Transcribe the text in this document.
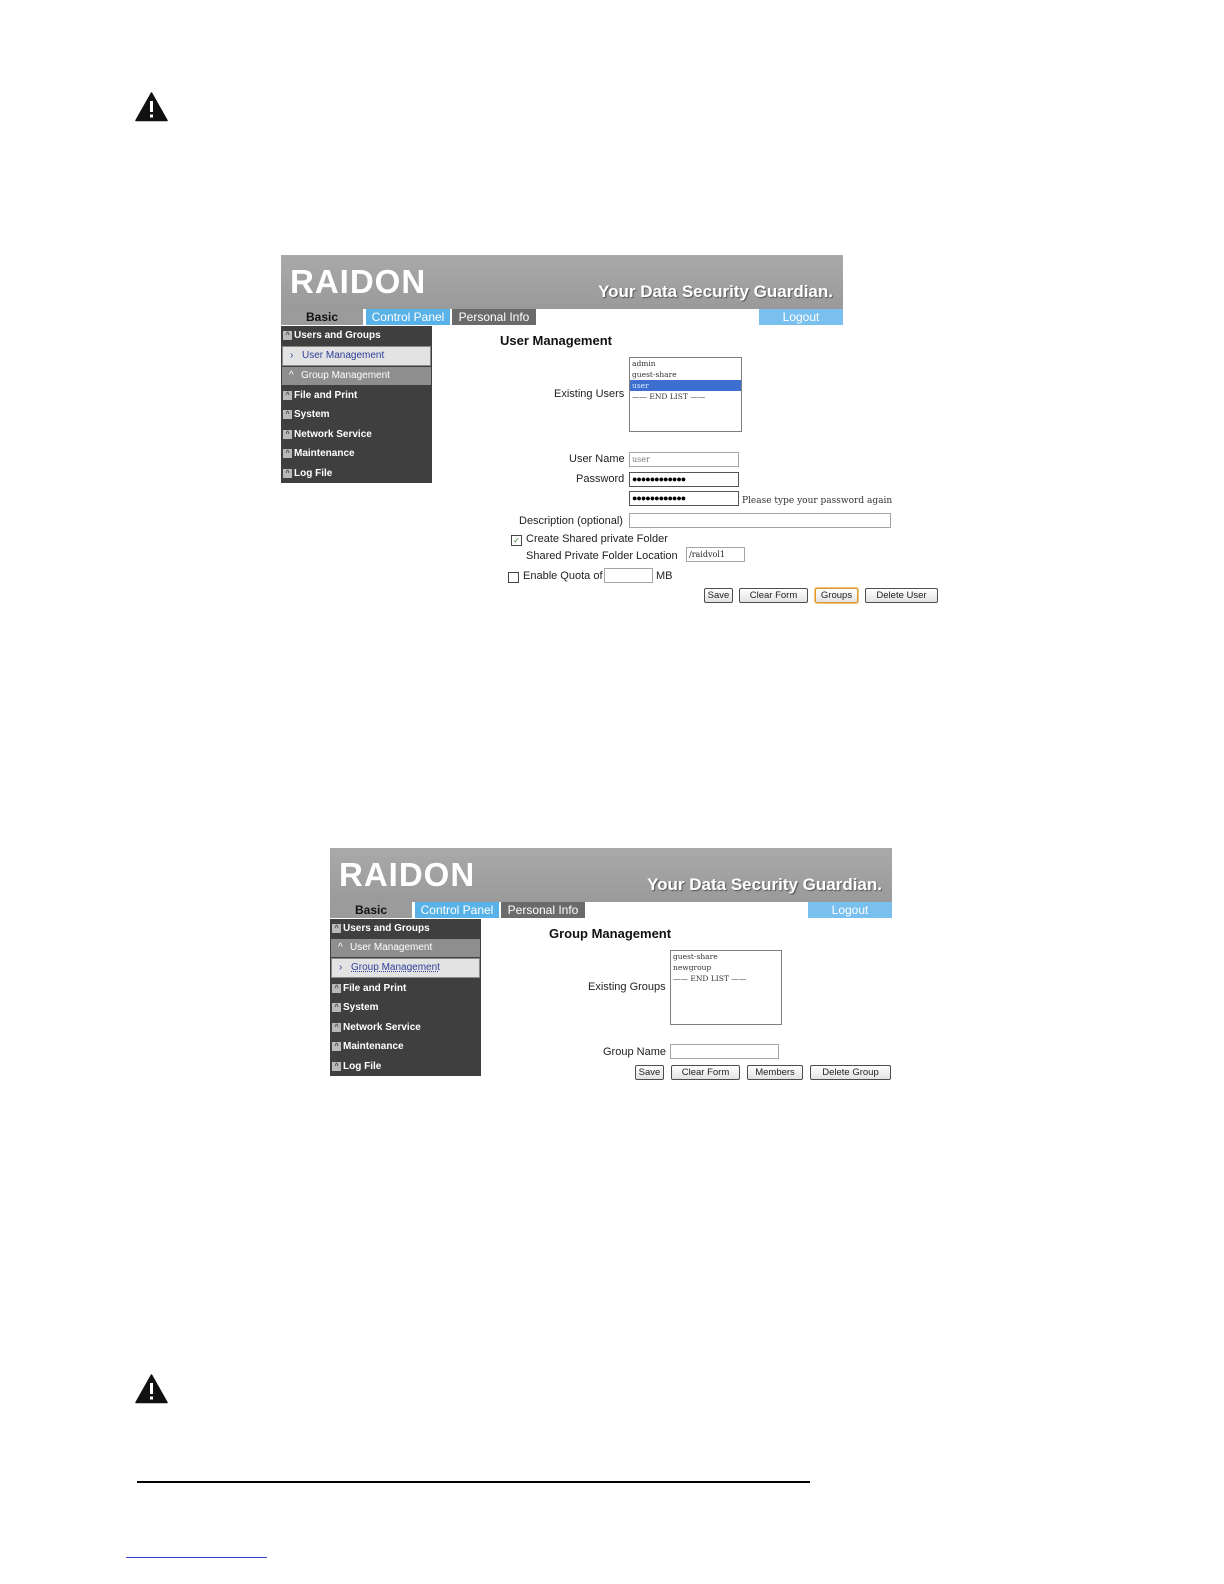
RAIDON	Your Data Security Guardian.
Basic	Control Panel	Personal Info	Logout
^ Users and Groups
› User Management
^ Group Management
^ File and Print
^ System
^ Network Service
^ Maintenance
^ Log File
User Management
Existing Users
admin
guest-share
user
—— END LIST ——
User Name user
Password ●●●●●●●●●●●●
●●●●●●●●●●●●	Please type your password again
Description (optional)
✓ Create Shared private Folder
Shared Private Folder Location	/raidvol1
Enable Quota of	MB
Save	Clear Form	Groups	Delete User
RAIDON	Your Data Security Guardian.
Basic	Control Panel	Personal Info	Logout
^ Users and Groups
^ User Management
› Group Management
^ File and Print
^ System
^ Network Service
^ Maintenance
^ Log File
Group Management
Existing Groups
guest-share
newgroup
—— END LIST ——
Group Name
Save	Clear Form	Members	Delete Group
